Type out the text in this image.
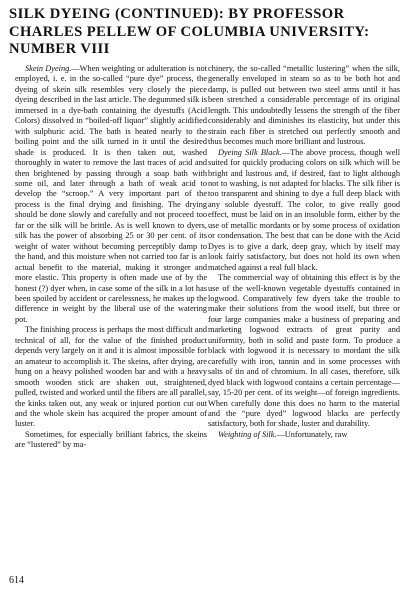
SILK DYEING (CONTINUED): BY PROFESSOR CHARLES PELLEW OF COLUMBIA UNIVERSITY: NUMBER VIII

Skein Dyeing.—When weighting or adulteration is not employed, i. e. in the so-called “pure dye” process, the dyeing of skein silk resembles very closely the piece dyeing described in the last article. The degummed silk is immersed in a dye-bath containing the dyestuffs (Acid Colors) dissolved in “boiled-off liquor” slightly acidified with sulphuric acid. The bath is heated nearly to the boiling point and the silk turned in it until the desired shade is produced. It is then taken out, washed thoroughly in water to remove the last traces of acid and then brightened by passing through a soap bath with some oil, and later through a bath of weak acid to develop the “scroop.” A very important part of the process is the final drying and finishing. The drying should be done slowly and carefully and not proceed too far or the silk will be brittle. As is well known to dyers, silk has the power of absorbing 25 or 30 per cent. of its weight of water without becoming perceptibly damp to the hand, and this moisture when not carried too far is an actual benefit to the material, making it stronger and more elastic. This property is often made use of by the honest (?) dyer when, in case some of the silk in a lot has been spoiled by accident or carelessness, he makes up the difference in weight by the liberal use of the watering pot.

The finishing process is perhaps the most difficult and technical of all, for the value of the finished product depends very largely on it and it is almost impossible for an amateur to accomplish it. The skeins, after drying, are hung on a heavy polished wooden bar and with a heavy smooth wooden stick are shaken out, straightened, pulled, twisted and worked until the fibers are all parallel, the kinks taken out, any weak or injured portion cut out and the whole skein has acquired the proper amount of luster.

Sometimes, for especially brilliant fabrics, the skeins are “lustered” by ma-

chinery, the so-called “metallic lustering” when the silk, generally enveloped in steam so as to be both hot and damp, is pulled out between two steel arms until it has been stretched a considerable percentage of its original length. This undoubtedly lessens the strength of the fiber considerably and diminishes its elasticity, but under this strain each fiber is stretched out perfectly smooth and thus becomes much more brilliant and lustrous.

Dyeing Silk Black.—The above process, though well suited for quickly producing colors on silk which will be bright and lustrous and, if desired, fast to light although not to washing, is not adapted for blacks. The silk fiber is too transparent and shining to dye a full deep black with any soluble dyestuff. The color, to give really good effect, must be laid on in an insoluble form, either by the use of metallic mordants or by some process of oxidation or condensation. The best that can be done with the Acid Dyes is to give a dark, deep gray, which by itself may look fairly satisfactory, but does not hold its own when matched against a real full black.

The commercial way of obtaining this effect is by the use of the well-known vegetable dyestuffs contained in logwood. Comparatively few dyers take the trouble to make their solutions from the wood itself, but three or four large companies make a business of preparing and marketing logwood extracts of great purity and uniformity, both in solid and paste form. To produce a black with logwood it is necessary to mordant the silk carefully with iron, tannin and in some processes with salts of tin and of chromium. In all cases, therefore, silk dyed black with logwood contains a certain percentage—say, 15-20 per cent. of its weight—of foreign ingredients. When carefully done this does no harm to the material and the “pure dyed” logwood blacks are perfectly satisfactory, both for shade, luster and durability.

Weighting of Silk.—Unfortunately, raw

614
